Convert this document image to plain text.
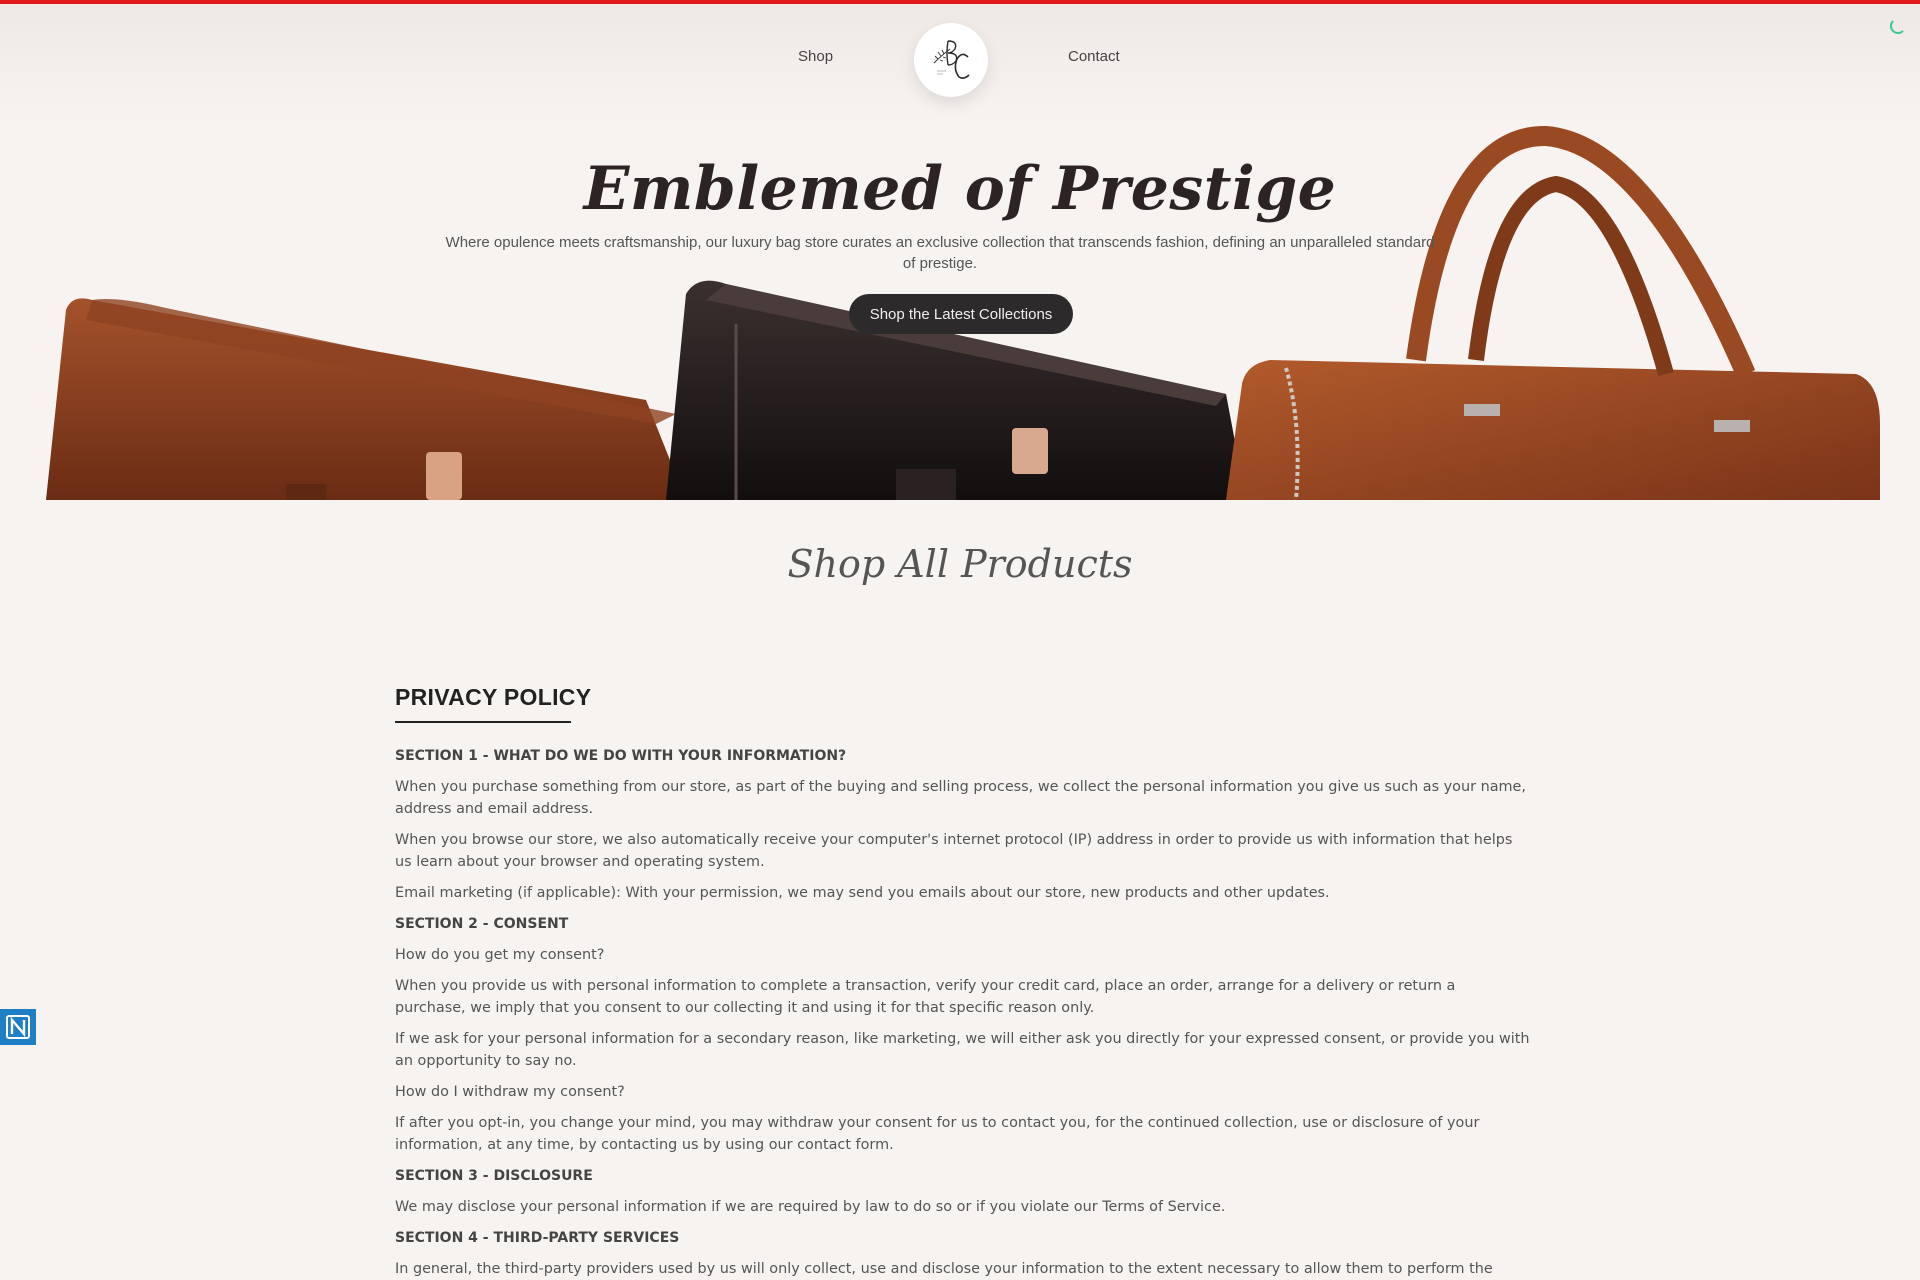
Shop	Contact
Emblemed of Prestige
Where opulence meets craftsmanship, our luxury bag store curates an exclusive collection that transcends fashion, defining an unparalleled standard of prestige.
Shop the Latest Collections
Shop All Products
PRIVACY POLICY

SECTION 1 - WHAT DO WE DO WITH YOUR INFORMATION?

When you purchase something from our store, as part of the buying and selling process, we collect the personal information you give us such as your name, address and email address.

When you browse our store, we also automatically receive your computer's internet protocol (IP) address in order to provide us with information that helps us learn about your browser and operating system.

Email marketing (if applicable): With your permission, we may send you emails about our store, new products and other updates.

SECTION 2 - CONSENT

How do you get my consent?

When you provide us with personal information to complete a transaction, verify your credit card, place an order, arrange for a delivery or return a purchase, we imply that you consent to our collecting it and using it for that specific reason only.

If we ask for your personal information for a secondary reason, like marketing, we will either ask you directly for your expressed consent, or provide you with an opportunity to say no.

How do I withdraw my consent?

If after you opt-in, you change your mind, you may withdraw your consent for us to contact you, for the continued collection, use or disclosure of your information, at any time, by contacting us by using our contact form.

SECTION 3 - DISCLOSURE

We may disclose your personal information if we are required by law to do so or if you violate our Terms of Service.

SECTION 4 - THIRD-PARTY SERVICES

In general, the third-party providers used by us will only collect, use and disclose your information to the extent necessary to allow them to perform the
